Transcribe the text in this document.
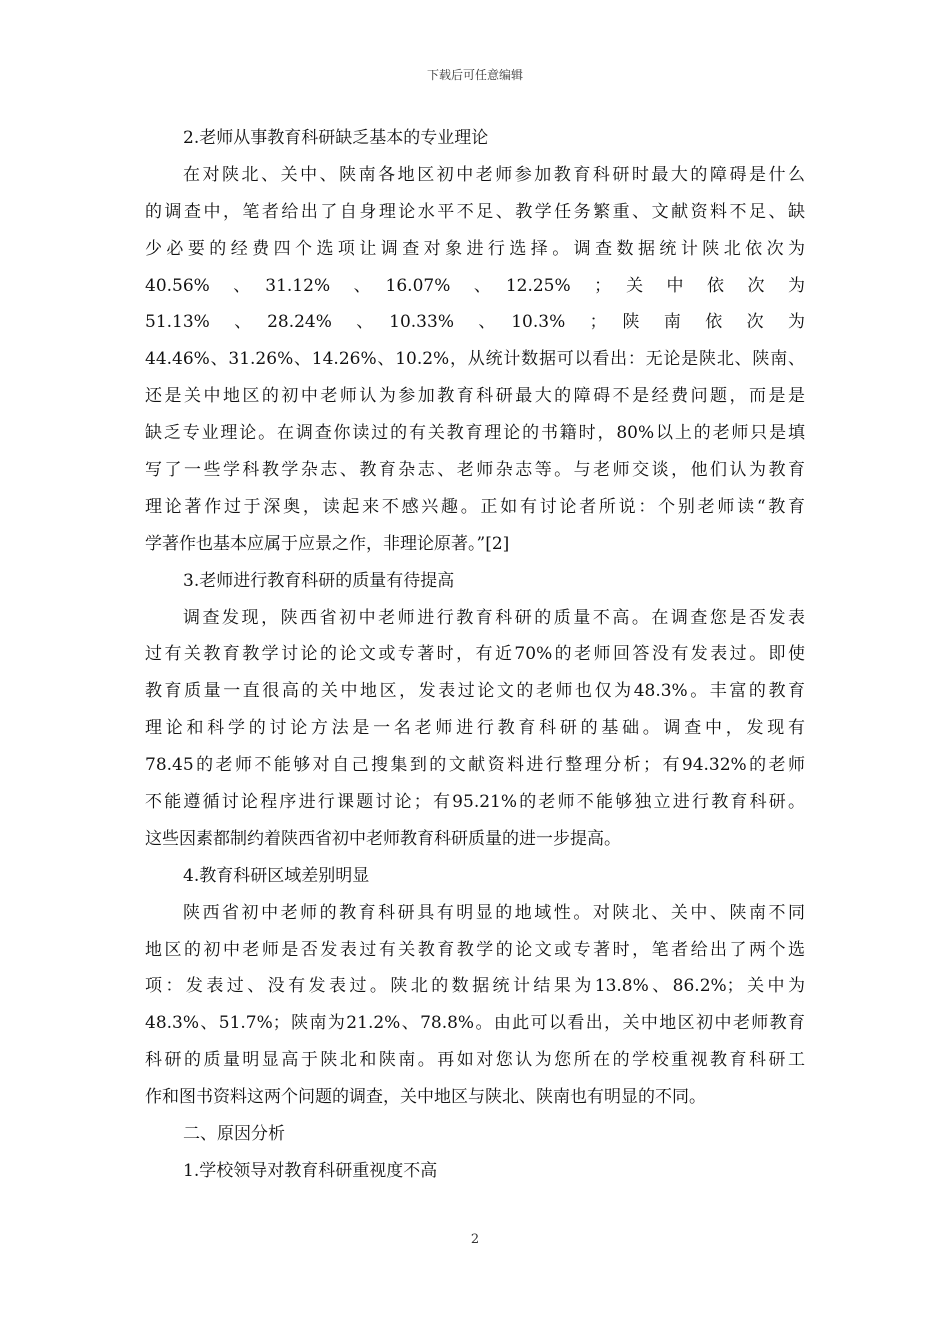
下载后可任意编辑
2.老师从事教育科研缺乏基本的专业理论
在对陕北、关中、陕南各地区初中老师参加教育科研时最大的障碍是什么
的调查中，笔者给出了自身理论水平不足、教学任务繁重、文献资料不足、缺
少必要的经费四个选项让调查对象进行选择。调查数据统计陕北依次为
40.56%　、　31.12%　、　16.07%　、　12.25%　；　关　中　依　次　为
51.13%　、　28.24%　、　10.33%　、　10.3%　；　陕　南　依　次　为
44.46%、31.26%、14.26%、10.2%，从统计数据可以看出：无论是陕北、陕南、
还是关中地区的初中老师认为参加教育科研最大的障碍不是经费问题，而是是
缺乏专业理论。在调查你读过的有关教育理论的书籍时，80%以上的老师只是填
写了一些学科教学杂志、教育杂志、老师杂志等。与老师交谈，他们认为教育
理论著作过于深奥，读起来不感兴趣。正如有讨论者所说：个别老师读“教育
学著作也基本应属于应景之作，非理论原著。”[2]
3.老师进行教育科研的质量有待提高
调查发现，陕西省初中老师进行教育科研的质量不高。在调查您是否发表
过有关教育教学讨论的论文或专著时，有近70%的老师回答没有发表过。即使
教育质量一直很高的关中地区，发表过论文的老师也仅为48.3%。丰富的教育
理论和科学的讨论方法是一名老师进行教育科研的基础。调查中，发现有
78.45的老师不能够对自己搜集到的文献资料进行整理分析；有94.32%的老师
不能遵循讨论程序进行课题讨论；有95.21%的老师不能够独立进行教育科研。
这些因素都制约着陕西省初中老师教育科研质量的进一步提高。
4.教育科研区域差别明显
陕西省初中老师的教育科研具有明显的地域性。对陕北、关中、陕南不同
地区的初中老师是否发表过有关教育教学的论文或专著时，笔者给出了两个选
项：发表过、没有发表过。陕北的数据统计结果为13.8%、86.2%；关中为
48.3%、51.7%；陕南为21.2%、78.8%。由此可以看出，关中地区初中老师教育
科研的质量明显高于陕北和陕南。再如对您认为您所在的学校重视教育科研工
作和图书资料这两个问题的调查，关中地区与陕北、陕南也有明显的不同。
二、原因分析
1.学校领导对教育科研重视度不高
2
